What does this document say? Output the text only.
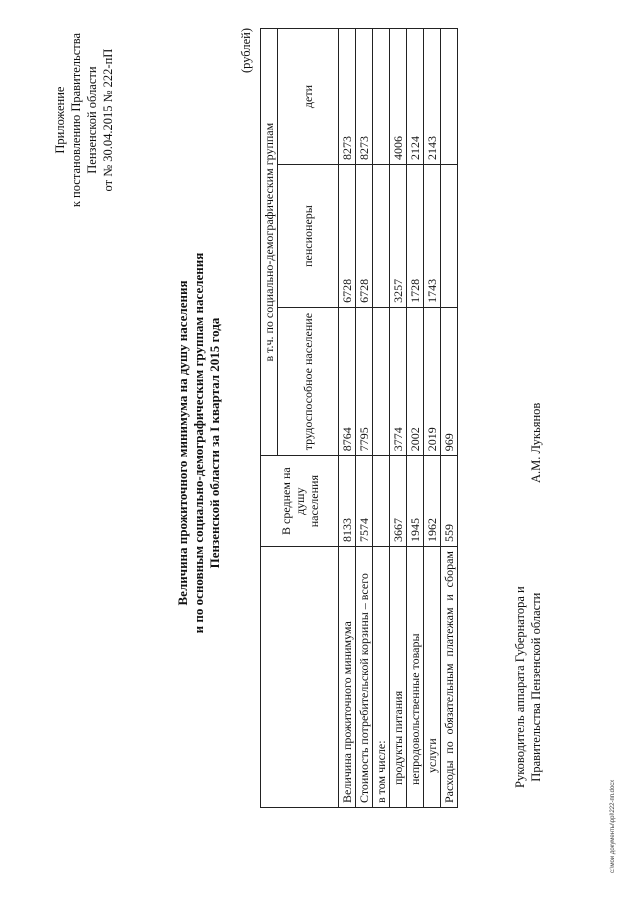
Приложение к постановлению Правительства Пензенской области от № 30.04.2015 № 222-пП
Величина прожиточного минимума на душу населения и по основным социально-демографическим группам населения Пензенской области за I квартал 2015 года
(рублей)
	В среднем на душу населения	в т.ч. по социально-демографическим группам		
		трудоспособное население	пенсионеры	дети
Величина прожиточного минимума	8133	8764	6728	8273
Стоимость потребительской корзины – всего	7574	7795	6728	8273
в том числе:				
продукты питания	3667	3774	3257	4006
непродовольственные товары	1945	2002	1728	2124
услуги	1962	2019	1743	2143
Расходы по обязательным платежам и сборам	559	969		
Руководитель аппарата Губернатора и Правительства Пензенской области
А.М. Лукьянов
c:\мои документы\ppl\222-пп.docx
